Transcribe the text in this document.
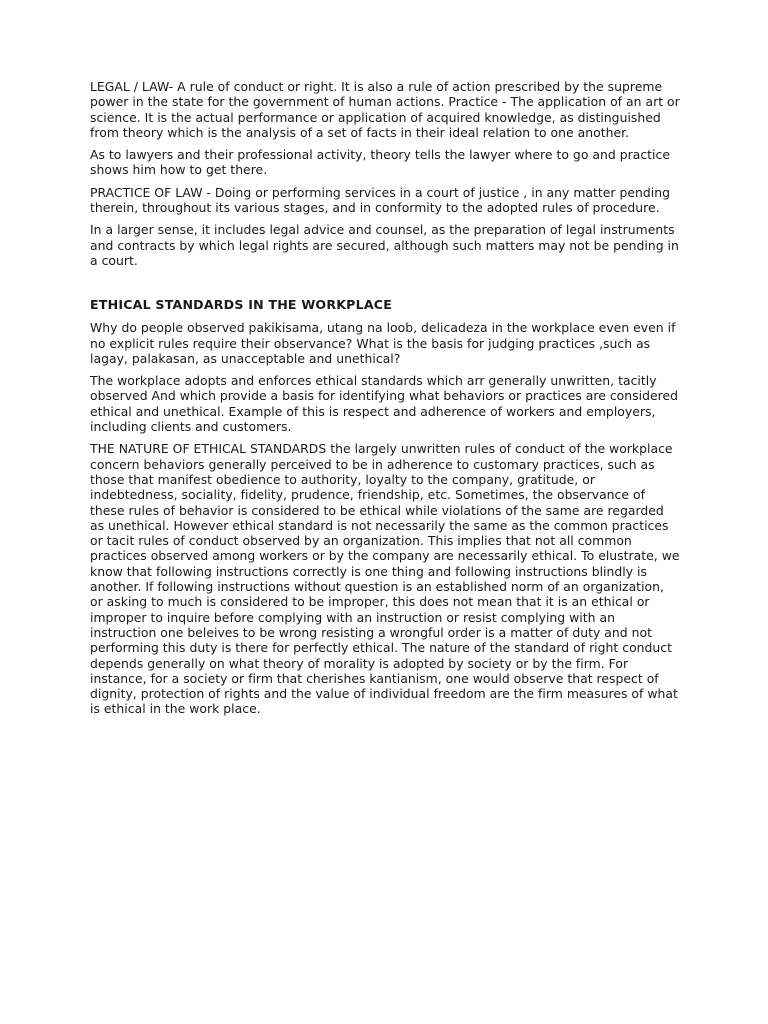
LEGAL / LAW- A rule of conduct or right. It is also a rule of action prescribed by the supreme power in the state for the government of human actions. Practice - The application of an art or science. It is the actual performance or application of acquired knowledge, as distinguished from theory which is the analysis of a set of facts in their ideal relation to one another.

As to lawyers and their professional activity, theory tells the lawyer where to go and practice shows him how to get there.

PRACTICE OF LAW - Doing or performing services in a court of justice , in any matter pending therein, throughout its various stages, and in conformity to the adopted rules of procedure.

In a larger sense, it includes legal advice and counsel, as the preparation of legal instruments and contracts by which legal rights are secured, although such matters may not be pending in a court.

ETHICAL STANDARDS IN THE WORKPLACE

Why do people observed pakikisama, utang na loob, delicadeza in the workplace even even if no explicit rules require their observance? What is the basis for judging practices ,such as lagay, palakasan, as unacceptable and unethical?

The workplace adopts and enforces ethical standards which arr generally unwritten, tacitly observed And which provide a basis for identifying what behaviors or practices are considered ethical and unethical. Example of this is respect and adherence of workers and employers, including clients and customers.

THE NATURE OF ETHICAL STANDARDS the largely unwritten rules of conduct of the workplace concern behaviors generally perceived to be in adherence to customary practices, such as those that manifest obedience to authority, loyalty to the company, gratitude, or indebtedness, sociality, fidelity, prudence, friendship, etc. Sometimes, the observance of these rules of behavior is considered to be ethical while violations of the same are regarded as unethical. However ethical standard is not necessarily the same as the common practices or tacit rules of conduct observed by an organization. This implies that not all common practices observed among workers or by the company are necessarily ethical. To elustrate, we know that following instructions correctly is one thing and following instructions blindly is another. If following instructions without question is an established norm of an organization, or asking to much is considered to be improper, this does not mean that it is an ethical or improper to inquire before complying with an instruction or resist complying with an instruction one beleives to be wrong resisting a wrongful order is a matter of duty and not performing this duty is there for perfectly ethical. The nature of the standard of right conduct depends generally on what theory of morality is adopted by society or by the firm. For instance, for a society or firm that cherishes kantianism, one would observe that respect of dignity, protection of rights and the value of individual freedom are the firm measures of what is ethical in the work place.
